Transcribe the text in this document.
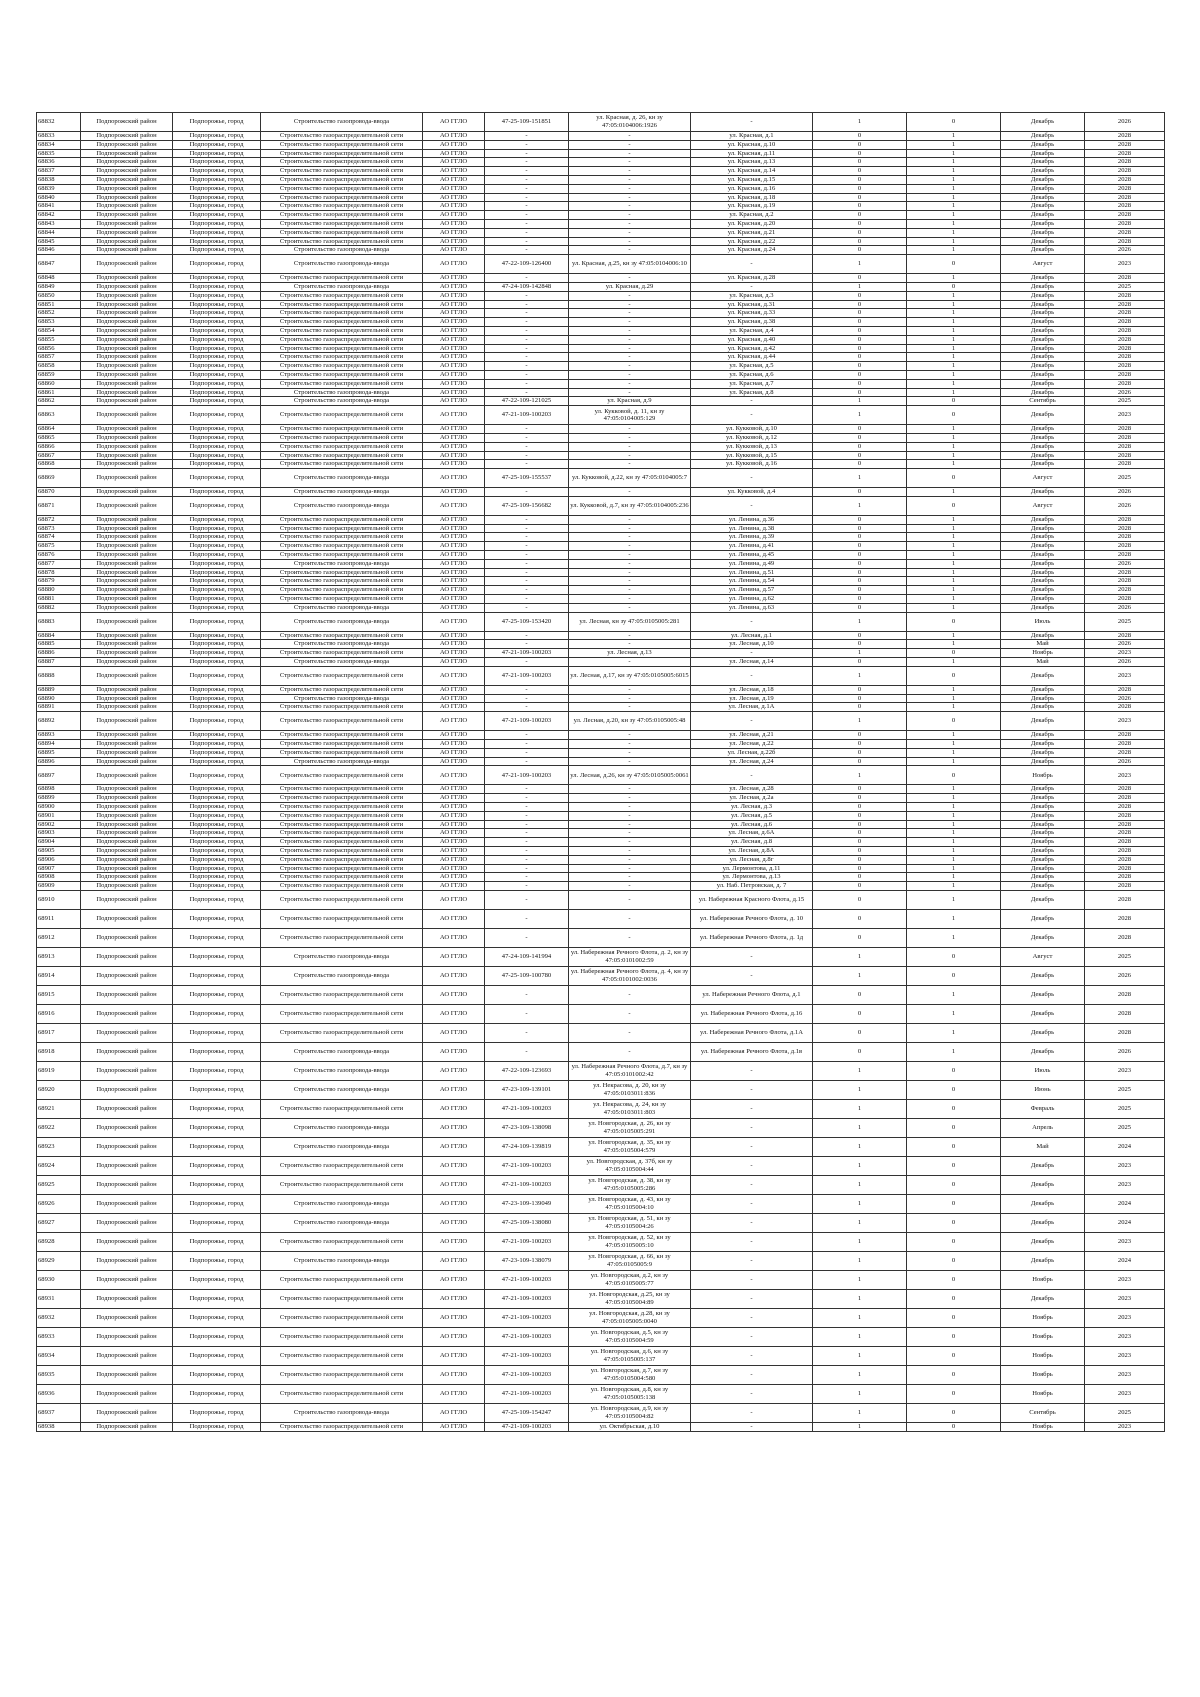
68832	Подпорожский район	Подпорожье, город	Строительство газопровода-ввода	АО ГГЛО	47-25-109-151851	ул. Красная, д. 26, кн зу 47:05:0104006:1926	-	1	0	Декабрь	2026
68833	Подпорожский район	Подпорожье, город	Строительство газораспределительной сети	АО ГГЛО	-	-	ул. Красная, д.1	0	1	Декабрь	2028
68834	Подпорожский район	Подпорожье, город	Строительство газораспределительной сети	АО ГГЛО	-	-	ул. Красная, д.10	0	1	Декабрь	2028
68835	Подпорожский район	Подпорожье, город	Строительство газораспределительной сети	АО ГГЛО	-	-	ул. Красная, д.11	0	1	Декабрь	2028
68836	Подпорожский район	Подпорожье, город	Строительство газораспределительной сети	АО ГГЛО	-	-	ул. Красная, д.13	0	1	Декабрь	2028
68837	Подпорожский район	Подпорожье, город	Строительство газораспределительной сети	АО ГГЛО	-	-	ул. Красная, д.14	0	1	Декабрь	2028
68838	Подпорожский район	Подпорожье, город	Строительство газораспределительной сети	АО ГГЛО	-	-	ул. Красная, д.15	0	1	Декабрь	2028
68839	Подпорожский район	Подпорожье, город	Строительство газораспределительной сети	АО ГГЛО	-	-	ул. Красная, д.16	0	1	Декабрь	2028
68840	Подпорожский район	Подпорожье, город	Строительство газораспределительной сети	АО ГГЛО	-	-	ул. Красная, д.18	0	1	Декабрь	2028
68841	Подпорожский район	Подпорожье, город	Строительство газораспределительной сети	АО ГГЛО	-	-	ул. Красная, д.19	0	1	Декабрь	2028
68842	Подпорожский район	Подпорожье, город	Строительство газораспределительной сети	АО ГГЛО	-	-	ул. Красная, д.2	0	1	Декабрь	2028
68843	Подпорожский район	Подпорожье, город	Строительство газораспределительной сети	АО ГГЛО	-	-	ул. Красная, д.20	0	1	Декабрь	2028
68844	Подпорожский район	Подпорожье, город	Строительство газораспределительной сети	АО ГГЛО	-	-	ул. Красная, д.21	0	1	Декабрь	2028
68845	Подпорожский район	Подпорожье, город	Строительство газораспределительной сети	АО ГГЛО	-	-	ул. Красная, д.22	0	1	Декабрь	2028
68846	Подпорожский район	Подпорожье, город	Строительство газопровода-ввода	АО ГГЛО	-	-	ул. Красная, д.24	0	1	Декабрь	2026
68847	Подпорожский район	Подпорожье, город	Строительство газопровода-ввода	АО ГГЛО	47-22-109-126400	ул. Красная, д.25, кн зу 47:05:0104006:10	-	1	0	Август	2023
68848	Подпорожский район	Подпорожье, город	Строительство газораспределительной сети	АО ГГЛО	-	-	ул. Красная, д.28	0	1	Декабрь	2028
68849	Подпорожский район	Подпорожье, город	Строительство газопровода-ввода	АО ГГЛО	47-24-109-142848	ул. Красная, д.29	-	1	0	Декабрь	2025
68850	Подпорожский район	Подпорожье, город	Строительство газораспределительной сети	АО ГГЛО	-	-	ул. Красная, д.3	0	1	Декабрь	2028
68851	Подпорожский район	Подпорожье, город	Строительство газораспределительной сети	АО ГГЛО	-	-	ул. Красная, д.31	0	1	Декабрь	2028
68852	Подпорожский район	Подпорожье, город	Строительство газораспределительной сети	АО ГГЛО	-	-	ул. Красная, д.33	0	1	Декабрь	2028
68853	Подпорожский район	Подпорожье, город	Строительство газораспределительной сети	АО ГГЛО	-	-	ул. Красная, д.38	0	1	Декабрь	2028
68854	Подпорожский район	Подпорожье, город	Строительство газораспределительной сети	АО ГГЛО	-	-	ул. Красная, д.4	0	1	Декабрь	2028
68855	Подпорожский район	Подпорожье, город	Строительство газораспределительной сети	АО ГГЛО	-	-	ул. Красная, д.40	0	1	Декабрь	2028
68856	Подпорожский район	Подпорожье, город	Строительство газораспределительной сети	АО ГГЛО	-	-	ул. Красная, д.42	0	1	Декабрь	2028
68857	Подпорожский район	Подпорожье, город	Строительство газораспределительной сети	АО ГГЛО	-	-	ул. Красная, д.44	0	1	Декабрь	2028
68858	Подпорожский район	Подпорожье, город	Строительство газораспределительной сети	АО ГГЛО	-	-	ул. Красная, д.5	0	1	Декабрь	2028
68859	Подпорожский район	Подпорожье, город	Строительство газораспределительной сети	АО ГГЛО	-	-	ул. Красная, д.6	0	1	Декабрь	2028
68860	Подпорожский район	Подпорожье, город	Строительство газораспределительной сети	АО ГГЛО	-	-	ул. Красная, д.7	0	1	Декабрь	2028
68861	Подпорожский район	Подпорожье, город	Строительство газопровода-ввода	АО ГГЛО	-	-	ул. Красная, д.8	0	1	Декабрь	2026
68862	Подпорожский район	Подпорожье, город	Строительство газопровода-ввода	АО ГГЛО	47-22-109-121025	ул. Красная, д.9	-	1	0	Сентябрь	2025
68863	Подпорожский район	Подпорожье, город	Строительство газораспределительной сети	АО ГГЛО	47-21-109-100203	ул. Кукковой, д. 11, кн зу 47:05:0104005:129	-	1	0	Декабрь	2023
68864	Подпорожский район	Подпорожье, город	Строительство газораспределительной сети	АО ГГЛО	-	-	ул. Кукковой, д.10	0	1	Декабрь	2028
68865	Подпорожский район	Подпорожье, город	Строительство газораспределительной сети	АО ГГЛО	-	-	ул. Кукковой, д.12	0	1	Декабрь	2028
68866	Подпорожский район	Подпорожье, город	Строительство газораспределительной сети	АО ГГЛО	-	-	ул. Кукковой, д.13	0	1	Декабрь	2028
68867	Подпорожский район	Подпорожье, город	Строительство газораспределительной сети	АО ГГЛО	-	-	ул. Кукковой, д.15	0	1	Декабрь	2028
68868	Подпорожский район	Подпорожье, город	Строительство газораспределительной сети	АО ГГЛО	-	-	ул. Кукковой, д.16	0	1	Декабрь	2028
68869	Подпорожский район	Подпорожье, город	Строительство газопровода-ввода	АО ГГЛО	47-25-109-155537	ул. Кукковой, д.22, кн зу 47:05:0104005:7	-	1	0	Август	2025
68870	Подпорожский район	Подпорожье, город	Строительство газопровода-ввода	АО ГГЛО	-	-	ул. Кукковой, д.4	0	1	Декабрь	2026
68871	Подпорожский район	Подпорожье, город	Строительство газопровода-ввода	АО ГГЛО	47-25-109-156682	ул. Кукковой, д.7, кн зу 47:05:0104005:236	-	1	0	Август	2026
68872	Подпорожский район	Подпорожье, город	Строительство газораспределительной сети	АО ГГЛО	-	-	ул. Ленина, д.36	0	1	Декабрь	2028
68873	Подпорожский район	Подпорожье, город	Строительство газораспределительной сети	АО ГГЛО	-	-	ул. Ленина, д.38	0	1	Декабрь	2028
68874	Подпорожский район	Подпорожье, город	Строительство газораспределительной сети	АО ГГЛО	-	-	ул. Ленина, д.39	0	1	Декабрь	2028
68875	Подпорожский район	Подпорожье, город	Строительство газораспределительной сети	АО ГГЛО	-	-	ул. Ленина, д.41	0	1	Декабрь	2028
68876	Подпорожский район	Подпорожье, город	Строительство газораспределительной сети	АО ГГЛО	-	-	ул. Ленина, д.45	0	1	Декабрь	2028
68877	Подпорожский район	Подпорожье, город	Строительство газопровода-ввода	АО ГГЛО	-	-	ул. Ленина, д.49	0	1	Декабрь	2026
68878	Подпорожский район	Подпорожье, город	Строительство газораспределительной сети	АО ГГЛО	-	-	ул. Ленина, д.51	0	1	Декабрь	2028
68879	Подпорожский район	Подпорожье, город	Строительство газораспределительной сети	АО ГГЛО	-	-	ул. Ленина, д.54	0	1	Декабрь	2028
68880	Подпорожский район	Подпорожье, город	Строительство газораспределительной сети	АО ГГЛО	-	-	ул. Ленина, д.57	0	1	Декабрь	2028
68881	Подпорожский район	Подпорожье, город	Строительство газораспределительной сети	АО ГГЛО	-	-	ул. Ленина, д.62	0	1	Декабрь	2028
68882	Подпорожский район	Подпорожье, город	Строительство газопровода-ввода	АО ГГЛО	-	-	ул. Ленина, д.63	0	1	Декабрь	2026
68883	Подпорожский район	Подпорожье, город	Строительство газопровода-ввода	АО ГГЛО	47-25-109-153420	ул. Лесная, кн зу 47:05:0105005:281	-	1	0	Июль	2025
68884	Подпорожский район	Подпорожье, город	Строительство газораспределительной сети	АО ГГЛО	-	-	ул. Лесная, д.1	0	1	Декабрь	2028
68885	Подпорожский район	Подпорожье, город	Строительство газопровода-ввода	АО ГГЛО	-	-	ул. Лесная, д.10	0	1	Май	2026
68886	Подпорожский район	Подпорожье, город	Строительство газораспределительной сети	АО ГГЛО	47-21-109-100203	ул. Лесная, д.13	-	1	0	Ноябрь	2023
68887	Подпорожский район	Подпорожье, город	Строительство газопровода-ввода	АО ГГЛО	-	-	ул. Лесная, д.14	0	1	Май	2026
68888	Подпорожский район	Подпорожье, город	Строительство газораспределительной сети	АО ГГЛО	47-21-109-100203	ул. Лесная, д.17, кн зу 47:05:0105005:6015	-	1	0	Декабрь	2023
68889	Подпорожский район	Подпорожье, город	Строительство газораспределительной сети	АО ГГЛО	-	-	ул. Лесная, д.18	0	1	Декабрь	2028
68890	Подпорожский район	Подпорожье, город	Строительство газопровода-ввода	АО ГГЛО	-	-	ул. Лесная, д.19	0	1	Декабрь	2026
68891	Подпорожский район	Подпорожье, город	Строительство газораспределительной сети	АО ГГЛО	-	-	ул. Лесная, д.1А	0	1	Декабрь	2028
68892	Подпорожский район	Подпорожье, город	Строительство газораспределительной сети	АО ГГЛО	47-21-109-100203	ул. Лесная, д.20, кн зу 47:05:0105005:48	-	1	0	Декабрь	2023
68893	Подпорожский район	Подпорожье, город	Строительство газораспределительной сети	АО ГГЛО	-	-	ул. Лесная, д.21	0	1	Декабрь	2028
68894	Подпорожский район	Подпорожье, город	Строительство газораспределительной сети	АО ГГЛО	-	-	ул. Лесная, д.22	0	1	Декабрь	2028
68895	Подпорожский район	Подпорожье, город	Строительство газораспределительной сети	АО ГГЛО	-	-	ул. Лесная, д.22б	0	1	Декабрь	2028
68896	Подпорожский район	Подпорожье, город	Строительство газопровода-ввода	АО ГГЛО	-	-	ул. Лесная, д.24	0	1	Декабрь	2026
68897	Подпорожский район	Подпорожье, город	Строительство газораспределительной сети	АО ГГЛО	47-21-109-100203	ул. Лесная, д.26, кн зу 47:05:0105005:0061	-	1	0	Ноябрь	2023
68898	Подпорожский район	Подпорожье, город	Строительство газораспределительной сети	АО ГГЛО	-	-	ул. Лесная, д.28	0	1	Декабрь	2028
68899	Подпорожский район	Подпорожье, город	Строительство газораспределительной сети	АО ГГЛО	-	-	ул. Лесная, д.2а	0	1	Декабрь	2028
68900	Подпорожский район	Подпорожье, город	Строительство газораспределительной сети	АО ГГЛО	-	-	ул. Лесная, д.3	0	1	Декабрь	2028
68901	Подпорожский район	Подпорожье, город	Строительство газораспределительной сети	АО ГГЛО	-	-	ул. Лесная, д.5	0	1	Декабрь	2028
68902	Подпорожский район	Подпорожье, город	Строительство газораспределительной сети	АО ГГЛО	-	-	ул. Лесная, д.6	0	1	Декабрь	2028
68903	Подпорожский район	Подпорожье, город	Строительство газораспределительной сети	АО ГГЛО	-	-	ул. Лесная, д.6А	0	1	Декабрь	2028
68904	Подпорожский район	Подпорожье, город	Строительство газораспределительной сети	АО ГГЛО	-	-	ул. Лесная, д.8	0	1	Декабрь	2028
68905	Подпорожский район	Подпорожье, город	Строительство газораспределительной сети	АО ГГЛО	-	-	ул. Лесная, д.8А	0	1	Декабрь	2028
68906	Подпорожский район	Подпорожье, город	Строительство газораспределительной сети	АО ГГЛО	-	-	ул. Лесная, д.8г	0	1	Декабрь	2028
68907	Подпорожский район	Подпорожье, город	Строительство газораспределительной сети	АО ГГЛО	-	-	ул. Лермонтова, д.11	0	1	Декабрь	2028
68908	Подпорожский район	Подпорожье, город	Строительство газораспределительной сети	АО ГГЛО	-	-	ул. Лермонтова, д.13	0	1	Декабрь	2028
68909	Подпорожский район	Подпорожье, город	Строительство газораспределительной сети	АО ГГЛО	-	-	ул. Наб. Петровская, д. 7	0	1	Декабрь	2028
68910	Подпорожский район	Подпорожье, город	Строительство газораспределительной сети	АО ГГЛО	-	-	ул. Набережная Красного Флота, д.15	0	1	Декабрь	2028
68911	Подпорожский район	Подпорожье, город	Строительство газораспределительной сети	АО ГГЛО	-	-	ул. Набережная Речного Флота, д. 10	0	1	Декабрь	2028
68912	Подпорожский район	Подпорожье, город	Строительство газораспределительной сети	АО ГГЛО	-	-	ул. Набережная Речного Флота, д. 1д	0	1	Декабрь	2028
68913	Подпорожский район	Подпорожье, город	Строительство газопровода-ввода	АО ГГЛО	47-24-109-141994	ул. Набережная Речного Флота, д. 2, кн зу 47:05:0101002:59	-	1	0	Август	2025
68914	Подпорожский район	Подпорожье, город	Строительство газопровода-ввода	АО ГГЛО	47-25-109-100780	ул. Набережная Речного Флота, д. 4, кн зу 47:05:0101002:0036	-	1	0	Декабрь	2026
68915	Подпорожский район	Подпорожье, город	Строительство газораспределительной сети	АО ГГЛО	-	-	ул. Набережная Речного Флота, д.1	0	1	Декабрь	2028
68916	Подпорожский район	Подпорожье, город	Строительство газораспределительной сети	АО ГГЛО	-	-	ул. Набережная Речного Флота, д.16	0	1	Декабрь	2028
68917	Подпорожский район	Подпорожье, город	Строительство газораспределительной сети	АО ГГЛО	-	-	ул. Набережная Речного Флота, д.1А	0	1	Декабрь	2028
68918	Подпорожский район	Подпорожье, город	Строительство газопровода-ввода	АО ГГЛО	-	-	ул. Набережная Речного Флота, д.1в	0	1	Декабрь	2026
68919	Подпорожский район	Подпорожье, город	Строительство газопровода-ввода	АО ГГЛО	47-22-109-123693	ул. Набережная Речного Флота, д.7, кн зу 47:05:0101002:42	-	1	0	Июль	2023
68920	Подпорожский район	Подпорожье, город	Строительство газопровода-ввода	АО ГГЛО	47-23-109-139101	ул. Некрасова, д. 20, кн зу 47:05:0103011:836	-	1	0	Июнь	2025
68921	Подпорожский район	Подпорожье, город	Строительство газораспределительной сети	АО ГГЛО	47-21-109-100203	ул. Некрасова, д. 24, кн зу 47:05:0103011:803	-	1	0	Февраль	2025
68922	Подпорожский район	Подпорожье, город	Строительство газопровода-ввода	АО ГГЛО	47-23-109-138098	ул. Новгородская, д. 26, кн зу 47:05:0105005:291	-	1	0	Апрель	2025
68923	Подпорожский район	Подпорожье, город	Строительство газопровода-ввода	АО ГГЛО	47-24-109-139819	ул. Новгородская, д. 35, кн зу 47:05:0105004:579	-	1	0	Май	2024
68924	Подпорожский район	Подпорожье, город	Строительство газораспределительной сети	АО ГГЛО	47-21-109-100203	ул. Новгородская, д. 37б, кн зу 47:05:0105004:44	-	1	0	Декабрь	2023
68925	Подпорожский район	Подпорожье, город	Строительство газораспределительной сети	АО ГГЛО	47-21-109-100203	ул. Новгородская, д. 38, кн зу 47:05:0105005:286	-	1	0	Декабрь	2023
68926	Подпорожский район	Подпорожье, город	Строительство газопровода-ввода	АО ГГЛО	47-23-109-139049	ул. Новгородская, д. 43, кн зу 47:05:0105004:10	-	1	0	Декабрь	2024
68927	Подпорожский район	Подпорожье, город	Строительство газопровода-ввода	АО ГГЛО	47-25-109-138080	ул. Новгородская, д. 51, кн зу 47:05:0105004:26	-	1	0	Декабрь	2024
68928	Подпорожский район	Подпорожье, город	Строительство газораспределительной сети	АО ГГЛО	47-21-109-100203	ул. Новгородская, д. 52, кн зу 47:05:0105005:10	-	1	0	Декабрь	2023
68929	Подпорожский район	Подпорожье, город	Строительство газопровода-ввода	АО ГГЛО	47-23-109-138079	ул. Новгородская, д. 66, кн зу 47:05:0105005:9	-	1	0	Декабрь	2024
68930	Подпорожский район	Подпорожье, город	Строительство газораспределительной сети	АО ГГЛО	47-21-109-100203	ул. Новгородская, д.2, кн зу 47:05:0105005:77	-	1	0	Ноябрь	2023
68931	Подпорожский район	Подпорожье, город	Строительство газораспределительной сети	АО ГГЛО	47-21-109-100203	ул. Новгородская, д.25, кн зу 47:05:0105004:89	-	1	0	Декабрь	2023
68932	Подпорожский район	Подпорожье, город	Строительство газораспределительной сети	АО ГГЛО	47-21-109-100203	ул. Новгородская, д.28, кн зу 47:05:0105005:0040	-	1	0	Ноябрь	2023
68933	Подпорожский район	Подпорожье, город	Строительство газораспределительной сети	АО ГГЛО	47-21-109-100203	ул. Новгородская, д.5, кн зу 47:05:0105004:59	-	1	0	Ноябрь	2023
68934	Подпорожский район	Подпорожье, город	Строительство газораспределительной сети	АО ГГЛО	47-21-109-100203	ул. Новгородская, д.6, кн зу 47:05:0105005:137	-	1	0	Ноябрь	2023
68935	Подпорожский район	Подпорожье, город	Строительство газораспределительной сети	АО ГГЛО	47-21-109-100203	ул. Новгородская, д.7, кн зу 47:05:0105004:580	-	1	0	Ноябрь	2023
68936	Подпорожский район	Подпорожье, город	Строительство газораспределительной сети	АО ГГЛО	47-21-109-100203	ул. Новгородская, д.8, кн зу 47:05:0105005:138	-	1	0	Ноябрь	2023
68937	Подпорожский район	Подпорожье, город	Строительство газопровода-ввода	АО ГГЛО	47-25-109-154247	ул. Новгородская, д.9, кн зу 47:05:0105004:82	-	1	0	Сентябрь	2025
68938	Подпорожский район	Подпорожье, город	Строительство газораспределительной сети	АО ГГЛО	47-21-109-100203	ул. Октябрьская, д.10	-	1	0	Ноябрь	2023
